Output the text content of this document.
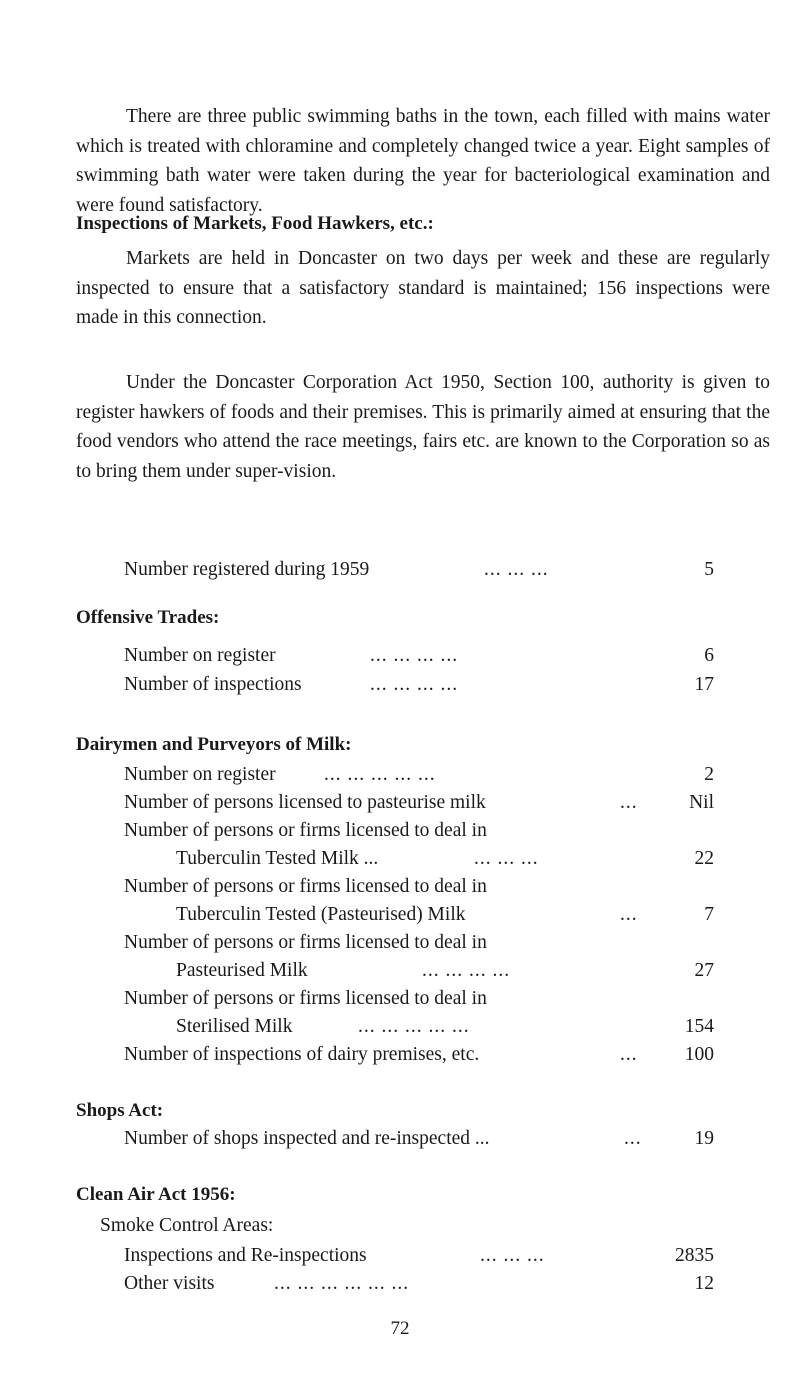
There are three public swimming baths in the town, each filled with mains water which is treated with chloramine and completely changed twice a year. Eight samples of swimming bath water were taken during the year for bacteriological examination and were found satisfactory.
Inspections of Markets, Food Hawkers, etc.:
Markets are held in Doncaster on two days per week and these are regularly inspected to ensure that a satisfactory standard is maintained; 156 inspections were made in this connection.
Under the Doncaster Corporation Act 1950, Section 100, authority is given to register hawkers of foods and their premises. This is primarily aimed at ensuring that the food vendors who attend the race meetings, fairs etc. are known to the Corporation so as to bring them under super-vision.
Number registered during 1959	... ... ...	5
Offensive Trades:
Number on register	... ... ... ...	6
Number of inspections	... ... ... ...	17
Dairymen and Purveyors of Milk:
Number on register ... ... ... ... ...	2
Number of persons licensed to pasteurise milk	...	Nil
Number of persons or firms licensed to deal in
Tuberculin Tested Milk ...	... ... ...	22
Number of persons or firms licensed to deal in
Tuberculin Tested (Pasteurised) Milk	...	7
Number of persons or firms licensed to deal in
Pasteurised Milk	... ... ... ...	27
Number of persons or firms licensed to deal in
Sterilised Milk	... ... ... ... ...	154
Number of inspections of dairy premises, etc.	... 100
Shops Act:
Number of shops inspected and re-inspected ...	...	19
Clean Air Act 1956:
Smoke Control Areas:
Inspections and Re-inspections	... ... ...	2835
Other visits	... ... ... ... ... ...	12
72
